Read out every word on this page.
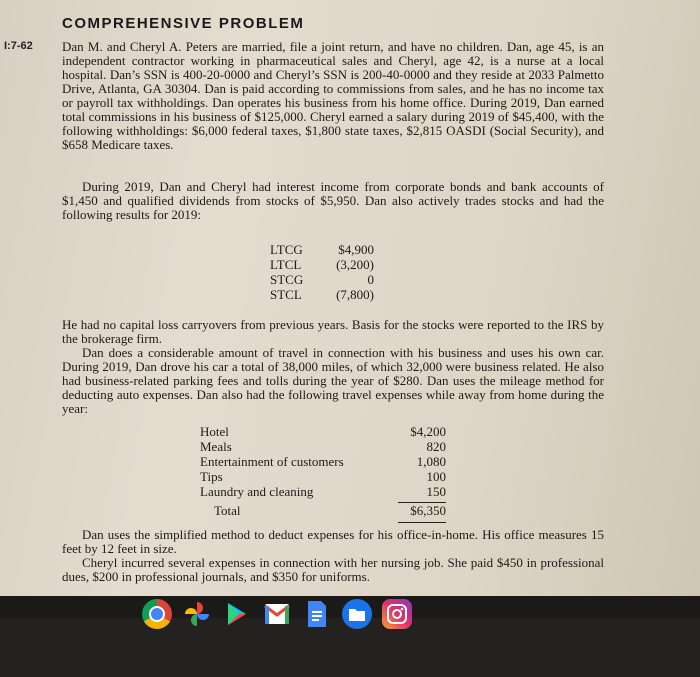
COMPREHENSIVE PROBLEM
I:7-62 Dan M. and Cheryl A. Peters are married, file a joint return, and have no children. Dan, age 45, is an independent contractor working in pharmaceutical sales and Cheryl, age 42, is a nurse at a local hospital. Dan’s SSN is 400-20-0000 and Cheryl’s SSN is 200-40-0000 and they reside at 2033 Palmetto Drive, Atlanta, GA 30304. Dan is paid according to commissions from sales, and he has no income tax or payroll tax withholdings. Dan operates his business from his home office. During 2019, Dan earned total commissions in his business of $125,000. Cheryl earned a salary during 2019 of $45,400, with the following withholdings: $6,000 federal taxes, $1,800 state taxes, $2,815 OASDI (Social Security), and $658 Medicare taxes.
During 2019, Dan and Cheryl had interest income from corporate bonds and bank accounts of $1,450 and qualified dividends from stocks of $5,950. Dan also actively trades stocks and had the following results for 2019:
LTCG	$4,900
LTCL	(3,200)
STCG	0
STCL	(7,800)
He had no capital loss carryovers from previous years. Basis for the stocks were reported to the IRS by the brokerage firm.
Dan does a considerable amount of travel in connection with his business and uses his own car. During 2019, Dan drove his car a total of 38,000 miles, of which 32,000 were business related. He also had business-related parking fees and tolls during the year of $280. Dan uses the mileage method for deducting auto expenses. Dan also had the following travel expenses while away from home during the year:
Hotel	$4,200
Meals	820
Entertainment of customers	1,080
Tips	100
Laundry and cleaning	150
Total	$6,350
Dan uses the simplified method to deduct expenses for his office-in-home. His office measures 15 feet by 12 feet in size.
Cheryl incurred several expenses in connection with her nursing job. She paid $450 in professional dues, $200 in professional journals, and $350 for uniforms.
